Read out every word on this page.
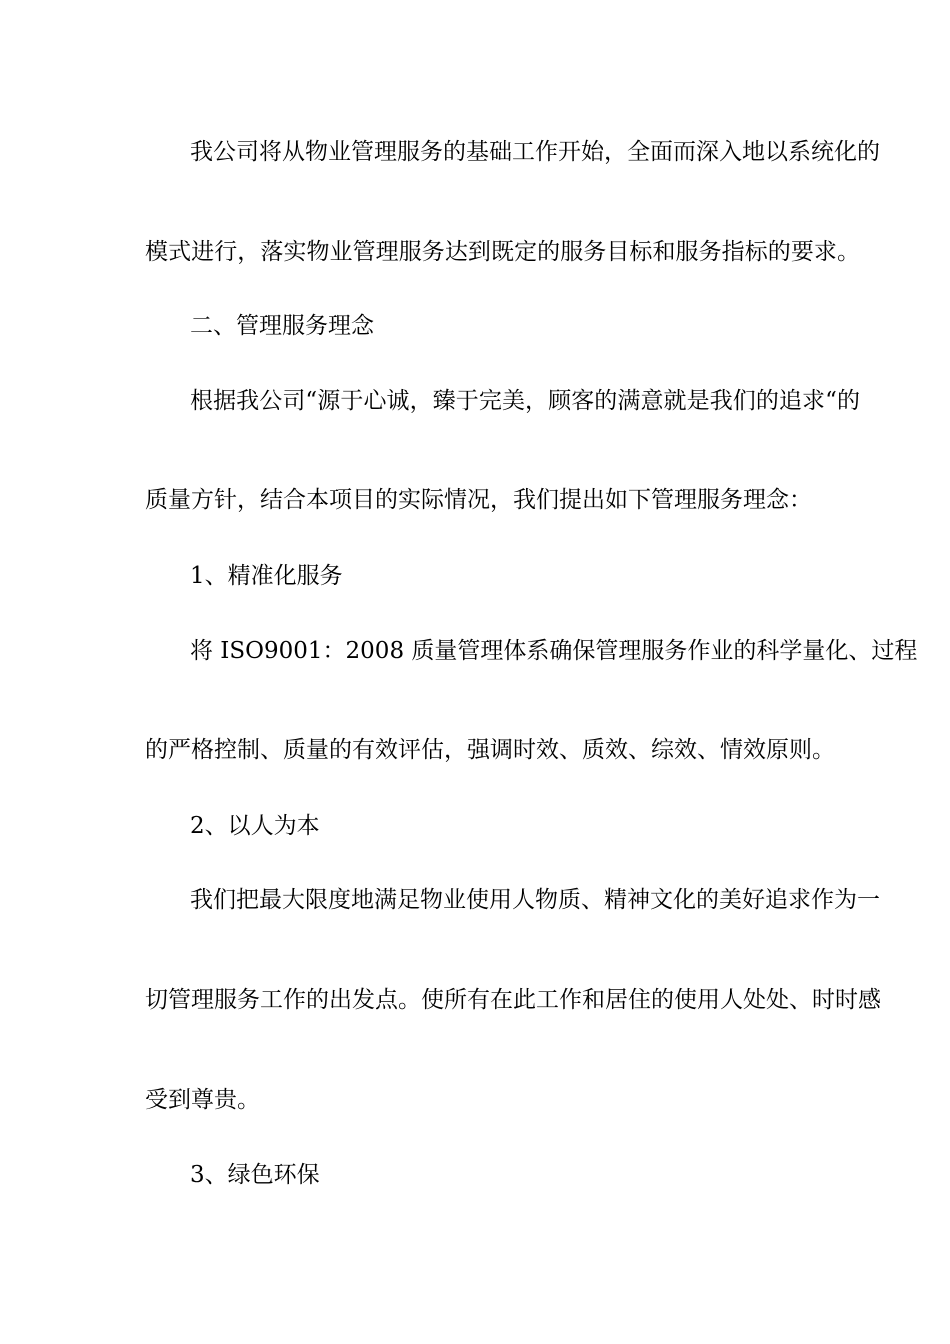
我公司将从物业管理服务的基础工作开始，全面而深入地以系统化的
模式进行，落实物业管理服务达到既定的服务目标和服务指标的要求。
二、管理服务理念
根据我公司“源于心诚，臻于完美，顾客的满意就是我们的追求“的
质量方针，结合本项目的实际情况，我们提出如下管理服务理念：
1、精准化服务
将 ISO9001：2008 质量管理体系确保管理服务作业的科学量化、过程
的严格控制、质量的有效评估，强调时效、质效、综效、情效原则。
2、以人为本
我们把最大限度地满足物业使用人物质、精神文化的美好追求作为一
切管理服务工作的出发点。使所有在此工作和居住的使用人处处、时时感
受到尊贵。
3、绿色环保
